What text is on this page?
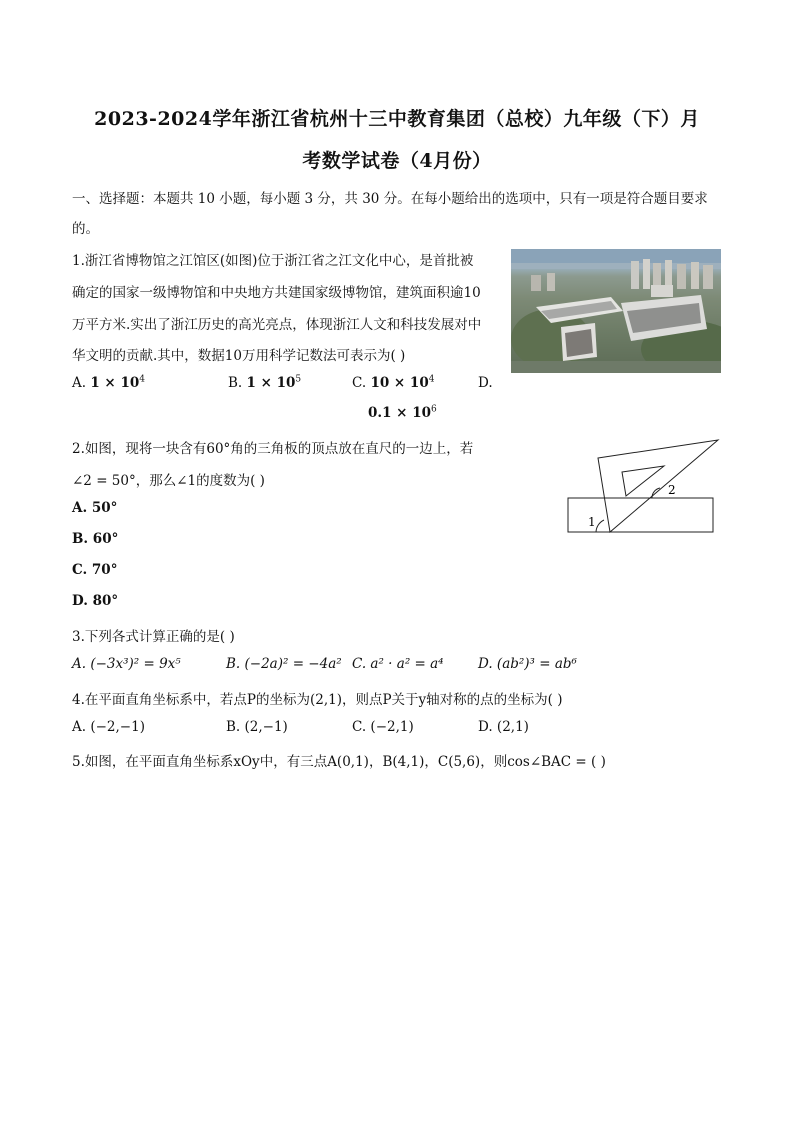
2023-2024学年浙江省杭州十三中教育集团（总校）九年级（下）月
考数学试卷（4月份）
一、选择题：本题共 10 小题，每小题 3 分，共 30 分。在每小题给出的选项中，只有一项是符合题目要求
的。
1.浙江省博物馆之江馆区(如图)位于浙江省之江文化中心，是首批被
确定的国家一级博物馆和中央地方共建国家级博物馆，建筑面积逾10
万平方米.实出了浙江历史的高光亮点，体现浙江人文和科技发展对中
华文明的贡献.其中，数据10万用科学记数法可表示为( )
A. $1 \times 10^4$	B. $1 \times 10^5$	C. $10 \times 10^4$	D.
$0.1 \times 10^6$
2.如图，现将一块含有60°角的三角板的顶点放在直尺的一边上，若
∠2 = 50°，那么∠1的度数为( )
A. 50°
B. 60°
C. 70°
D. 80°
1
2
3.下列各式计算正确的是( )
A. (−3x³)² = 9x⁵	B. (−2a)² = −4a² C. a² · a² = a⁴	D. (ab²)³ = ab⁶
4.在平面直角坐标系中，若点P的坐标为(2,1)，则点P关于y轴对称的点的坐标为( )
A. (−2,−1)	B. (2,−1)	C. (−2,1)	D. (2,1)
5.如图，在平面直角坐标系xOy中，有三点A(0,1)，B(4,1)，C(5,6)，则cos∠BAC = ( )
